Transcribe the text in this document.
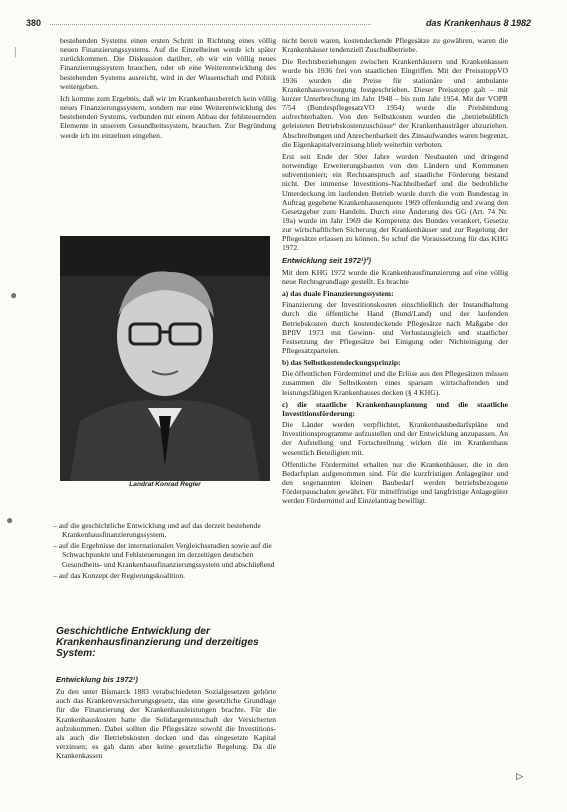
380	das Krankenhaus 8 1982
|
●
●

bestehenden Systems einen ersten Schritt in Richtung eines völlig neuen Finanzierungssystems. Auf die Einzelheiten werde ich später zurückkommen. Die Diskussion darüber, ob wir ein völlig neues Finanzierungssystem brauchen, oder ob eine Weiterentwicklung des bestehenden Systems ausreicht, wird in der Wissenschaft und Politik weitergeben.

Ich komme zum Ergebnis, daß wir im Krankenhausbereich kein völlig neues Finanzierungssystem, sondern nur eine Weiterentwicklung des bestehenden Systems, verbunden mit einem Abbau der fehlsteuernden Elemente in unserem Gesundheitssystem, brauchen. Zur Begründung werde ich im einzelnen eingehen.

Landrat Konrad Regler
– auf die geschichtliche Entwicklung und auf das derzeit bestehende Krankenhausfinanzierungssystem,
– auf die Ergebnisse der internationalen Vergleichsstudien sowie auf die Schwachpunkte und Fehlsteuerungen im derzeitigen deutschen Gesundheits- und Krankenhausfinanzierungssystem und abschließend
– auf das Konzept der Regierungskoalition.
Geschichtliche Entwicklung der Krankenhausfinanzierung und derzeitiges System:
Entwicklung bis 1972¹)

Zu den unter Bismarck 1883 verabschiedeten Sozialgesetzen gehörte auch das Krankenversicherungsgesetz, das eine gesetzliche Grundlage für die Finanzierung der Krankenhausleistungen brachte. Für die Krankenhauskosten hatte die Solidargemeinschaft der Versicherten aufzukommen. Dabei sollten die Pflegesätze sowohl die Investitions- als auch die Betriebskosten decken und das eingesetzte Kapital verzinsen; es gab dann aber keine gesetzliche Regelung. Da die Krankenkassen

nicht bereit waren, kostendeckende Pflegesätze zu gewähren, waren die Krankenhäuser tendenziell Zuschußbetriebe.

Die Rechtsbeziehungen zwischen Krankenhäusern und Krankenkassen wurde bis 1936 frei von staatlichen Eingriffen. Mit der PreisstoppVO 1936 wurden die Preise für stationäre und ambulante Krankenhausversorgung festgeschrieben. Dieser Preisstopp galt – mit kurzer Unterbrechung im Jahr 1948 – bis zum Jahr 1954. Mit der VOPR 7/54 (BundespflegesatzVO 1954) wurde die Preisbindung aufrechterhalten. Von den Selbstkosten wurden die „betriebsüblich geleisteten Betriebskostenzuschüsse“ der Krankenhausträger abzuziehen. Abschreibungen und Anrechenbarkeit des Zinsaufwandes waren begrenzt, die Eigenkapitalverzinsung blieb weiterhin verboten.

Erst seit Ende der 50er Jahre wurden Neubauten und dringend notwendige Erweiterungsbauten von den Ländern und Kommunen subventioniert; ein Rechtsanspruch auf staatliche Förderung bestand nicht. Der immense Investitions-Nachholbedarf und die bedrohliche Unterdeckung im laufenden Betrieb wurde durch die vom Bundestag in Auftrag gegebene Krankenhausenquete 1969 offenkundig und zwang den Gesetzgeber zum Handeln. Durch eine Änderung des GG (Art. 74 Nr. 19a) wurde im Jahr 1969 die Kompetenz des Bundes verankert, Gesetze zur wirtschaftlichen Sicherung der Krankenhäuser und zur Regelung der Pflegesätze erlassen zu können. So schuf die Voraussetzung für das KHG 1972.

Entwicklung seit 1972¹)²)

Mit dem KHG 1972 wurde die Krankenhausfinanzierung auf eine völlig neue Rechtsgrundlage gestellt. Es brachte

a) das duale Finanzierungssystem:

Finanzierung der Investitionskosten einschließlich der Instandhaltung durch die öffentliche Hand (Bund/Land) und der laufenden Betriebskosten durch kostendeckende Pflegesätze nach Maßgabe der BPflV 1973 mit Gewinn- und Verlustausgleich und staatlicher Festsetzung der Pflegesätze bei Einigung oder Nichteinigung der Pflegesatzparteien.

b) das Selbstkostendeckungsprinzip:

Die öffentlichen Fördermittel und die Erlöse aus den Pflegesätzen müssen zusammen die Selbstkosten eines sparsam wirtschaftenden und leistungsfähigen Krankenhauses decken (§ 4 KHG).

c) die staatliche Krankenhausplanung und die staatliche Investitionsförderung:

Die Länder werden verpflichtet, Krankenhausbedarfspläne und Investitionsprogramme aufzustellen und der Entwicklung anzupassen. An der Aufstellung und Fortschreibung wirken die im Krankenhaus wesentlich Beteiligten mit.

Öffentliche Fördermittel erhalten nur die Krankenhäuser, die in den Bedarfsplan aufgenommen sind. Für die kurzfristigen Anlagegüter und den sogenannten kleinen Baubedarf werden betriebsbezogene Förderpauschalen gewährt. Für mittelfristige und langfristige Anlagegüter werden Fördermittel auf Einzelantrag bewilligt.

▷
